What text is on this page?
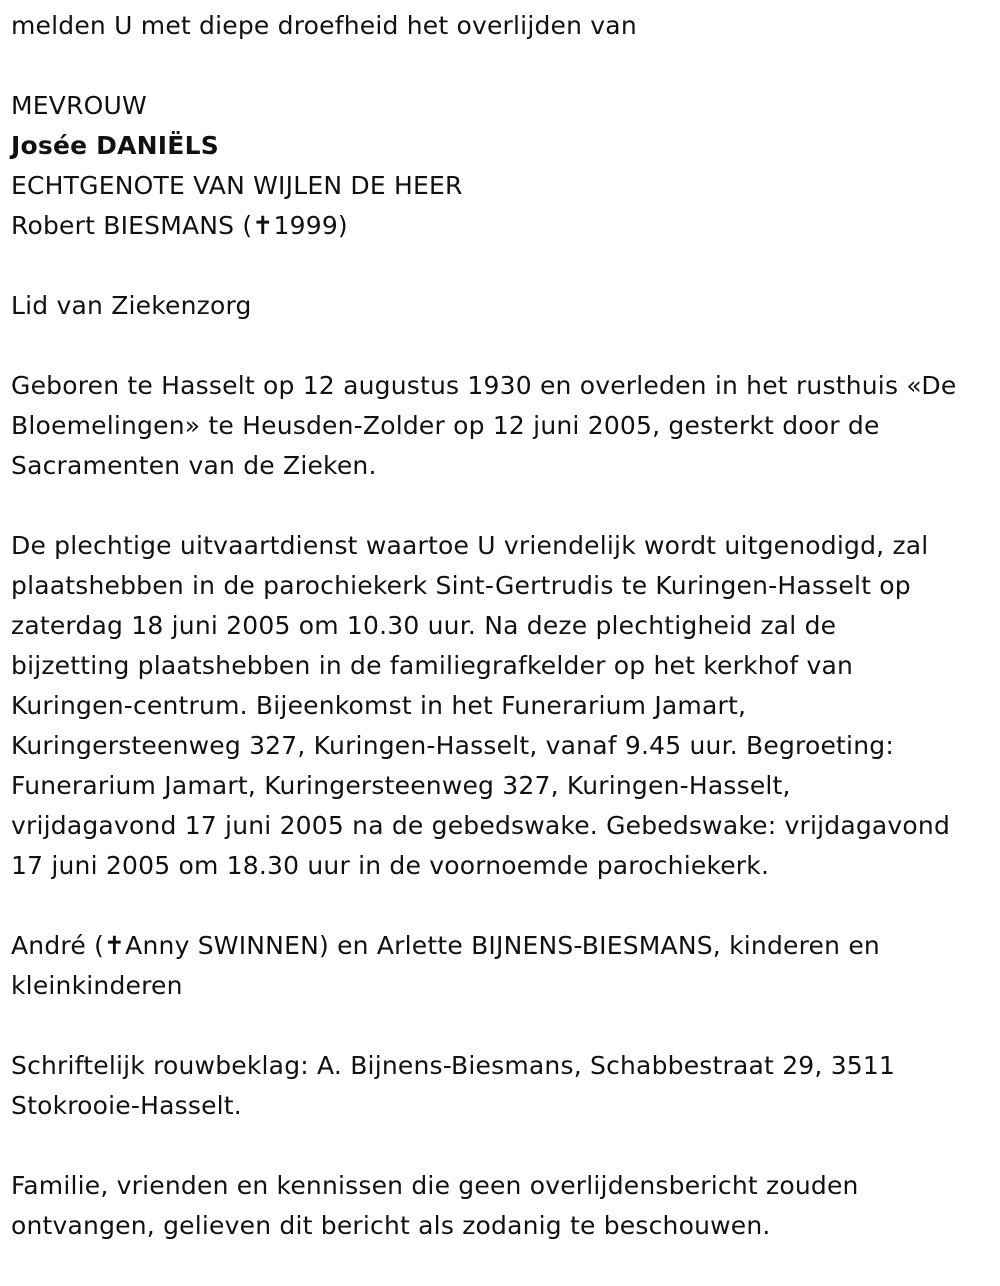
melden U met diepe droefheid het overlijden van
MEVROUW
Josée DANIËLS
ECHTGENOTE VAN WIJLEN DE HEER
Robert BIESMANS (✝1999)
Lid van Ziekenzorg
Geboren te Hasselt op 12 augustus 1930 en overleden in het rusthuis «De
Bloemelingen» te Heusden-Zolder op 12 juni 2005, gesterkt door de
Sacramenten van de Zieken.
De plechtige uitvaartdienst waartoe U vriendelijk wordt uitgenodigd, zal
plaatshebben in de parochiekerk Sint-Gertrudis te Kuringen-Hasselt op
zaterdag 18 juni 2005 om 10.30 uur. Na deze plechtigheid zal de
bijzetting plaatshebben in de familiegrafkelder op het kerkhof van
Kuringen-centrum. Bijeenkomst in het Funerarium Jamart,
Kuringersteenweg 327, Kuringen-Hasselt, vanaf 9.45 uur. Begroeting:
Funerarium Jamart, Kuringersteenweg 327, Kuringen-Hasselt,
vrijdagavond 17 juni 2005 na de gebedswake. Gebedswake: vrijdagavond
17 juni 2005 om 18.30 uur in de voornoemde parochiekerk.
André (✝Anny SWINNEN) en Arlette BIJNENS-BIESMANS, kinderen en
kleinkinderen
Schriftelijk rouwbeklag: A. Bijnens-Biesmans, Schabbestraat 29, 3511
Stokrooie-Hasselt.
Familie, vrienden en kennissen die geen overlijdensbericht zouden
ontvangen, gelieven dit bericht als zodanig te beschouwen.
